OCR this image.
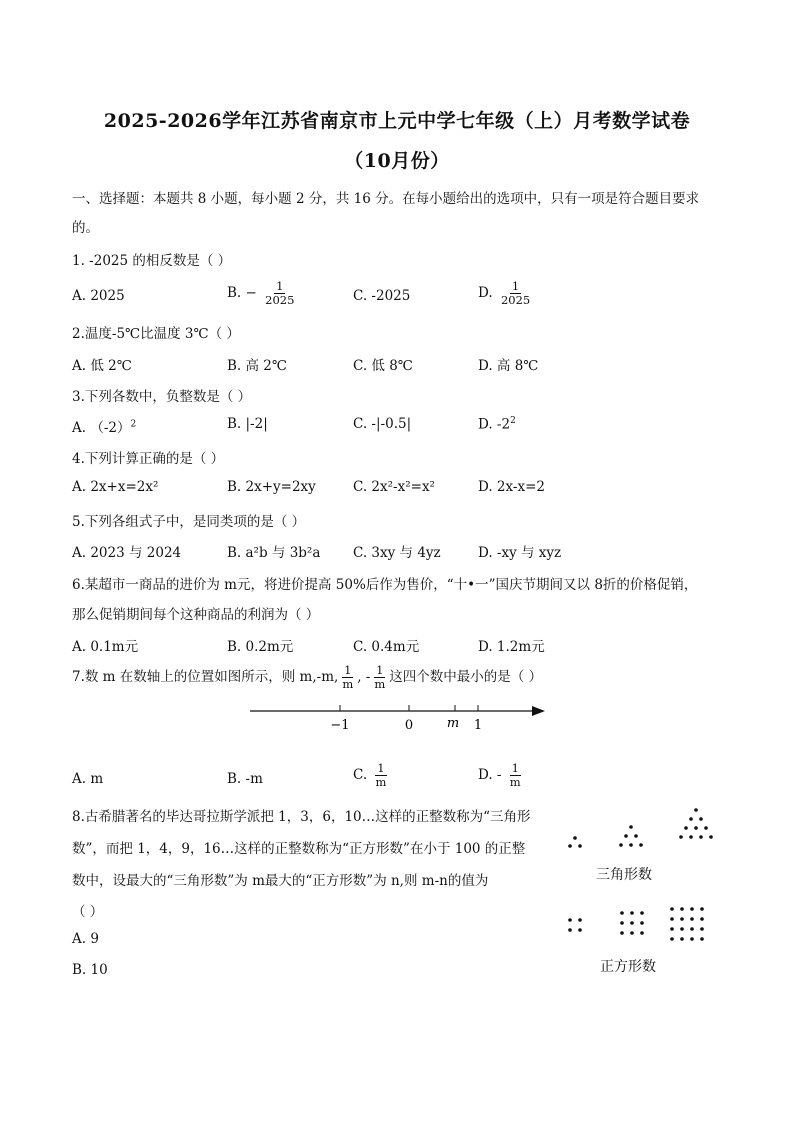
2025-2026学年江苏省南京市上元中学七年级（上）月考数学试卷
（10月份）
一、选择题：本题共 8 小题，每小题 2 分，共 16 分。在每小题给出的选项中，只有一项是符合题目要求
的。
1. -2025 的相反数是（ ）
A. 2025	B. − $\frac{1}{2025}$	C. -2025	D. $\frac{1}{2025}$
2.温度-5℃比温度 3℃（ ）
A. 低 2℃	B. 高 2℃	C. 低 8℃	D. 高 8℃
3.下列各数中，负整数是（ ）
A. $(-2)^2$	B. |-2|	C. -|-0.5|	D. $-2^2$
4.下列计算正确的是（ ）
A. 2x+x=2x²	B. 2x+y=2xy	C. 2x²-x²=x²	D. 2x-x=2
5.下列各组式子中，是同类项的是（ ）
A. 2023 与 2024	B. a²b 与 3b²a C. 3xy 与 4yz	D. -xy 与 xyz
6.某超市一商品的进价为 m元，将进价提高 50%后作为售价，“十•一”国庆节期间又以 8折的价格促销，
那么促销期间每个这种商品的利润为（ ）
A. 0.1m元	B. 0.2m元	C. 0.4m元	D. 1.2m元
7.数 m 在数轴上的位置如图所示，则 m,-m, $\frac{1}{m}$ , - $\frac{1}{m}$ 这四个数中最小的是（ ）
−1	0	m 1
A. m	B. -m	C. $\frac{1}{m}$	D. - $\frac{1}{m}$
8.古希腊著名的毕达哥拉斯学派把 1，3，6，10…这样的正整数称为“三角形
数”，而把 1，4，9，16…这样的正整数称为“正方形数”在小于 100 的正整
数中，设最大的“三角形数”为 m最大的“正方形数”为 n,则 m-n的值为
（ ）
A. 9
B. 10
三角形数
正方形数
